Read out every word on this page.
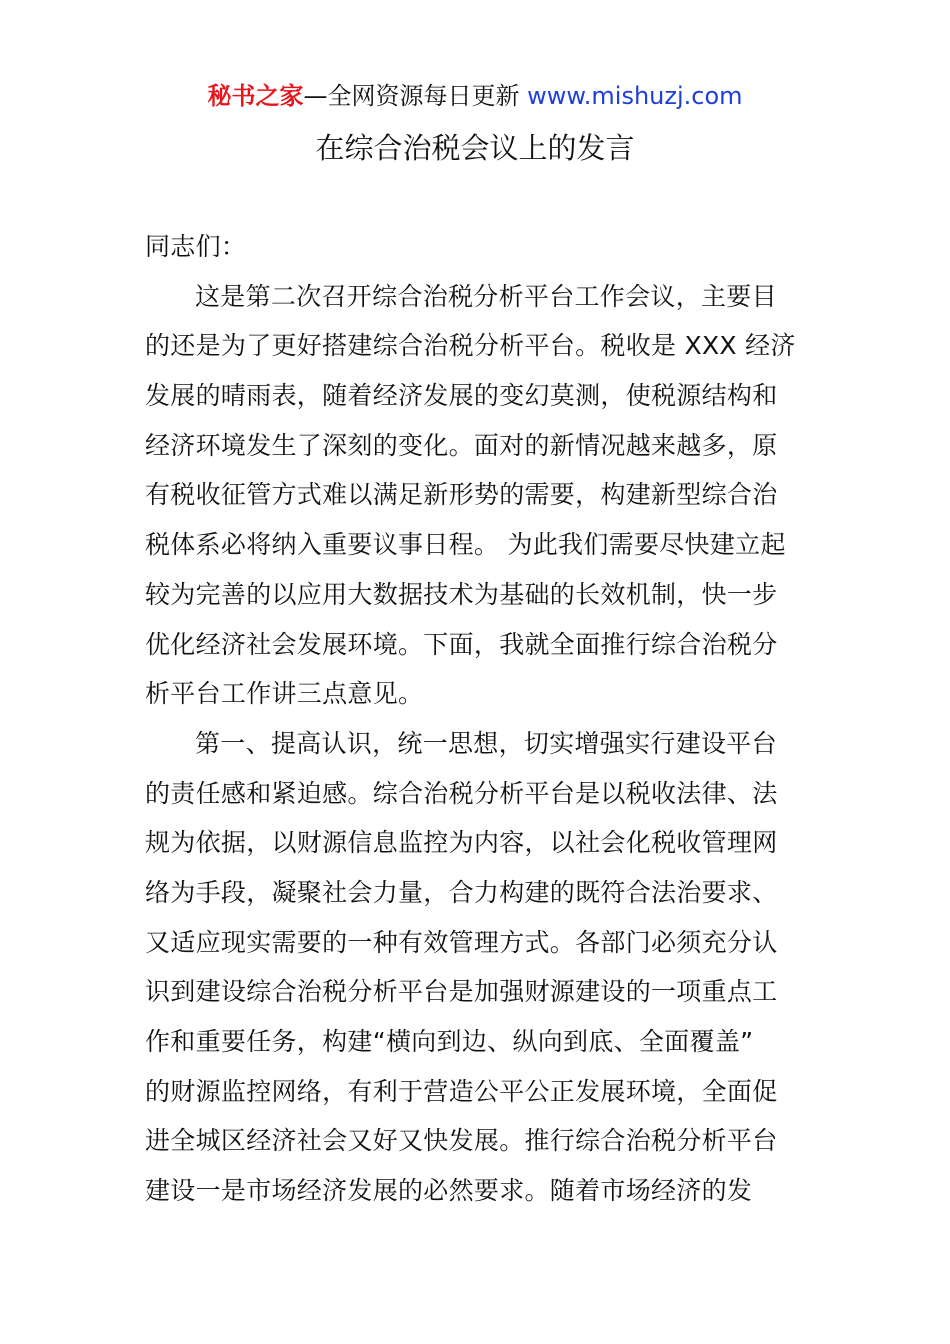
秘书之家—全网资源每日更新 www.mishuzj.com
在综合治税会议上的发言
同志们：
这是第二次召开综合治税分析平台工作会议，主要目
的还是为了更好搭建综合治税分析平台。税收是 XXX 经济
发展的晴雨表，随着经济发展的变幻莫测，使税源结构和
经济环境发生了深刻的变化。面对的新情况越来越多，原
有税收征管方式难以满足新形势的需要，构建新型综合治
税体系必将纳入重要议事日程。 为此我们需要尽快建立起
较为完善的以应用大数据技术为基础的长效机制，快一步
优化经济社会发展环境。下面，我就全面推行综合治税分
析平台工作讲三点意见。
第一、提高认识，统一思想，切实增强实行建设平台
的责任感和紧迫感。综合治税分析平台是以税收法律、法
规为依据，以财源信息监控为内容，以社会化税收管理网
络为手段，凝聚社会力量，合力构建的既符合法治要求、
又适应现实需要的一种有效管理方式。各部门必须充分认
识到建设综合治税分析平台是加强财源建设的一项重点工
作和重要任务，构建“横向到边、纵向到底、全面覆盖”
的财源监控网络，有利于营造公平公正发展环境，全面促
进全城区经济社会又好又快发展。推行综合治税分析平台
建设一是市场经济发展的必然要求。随着市场经济的发
